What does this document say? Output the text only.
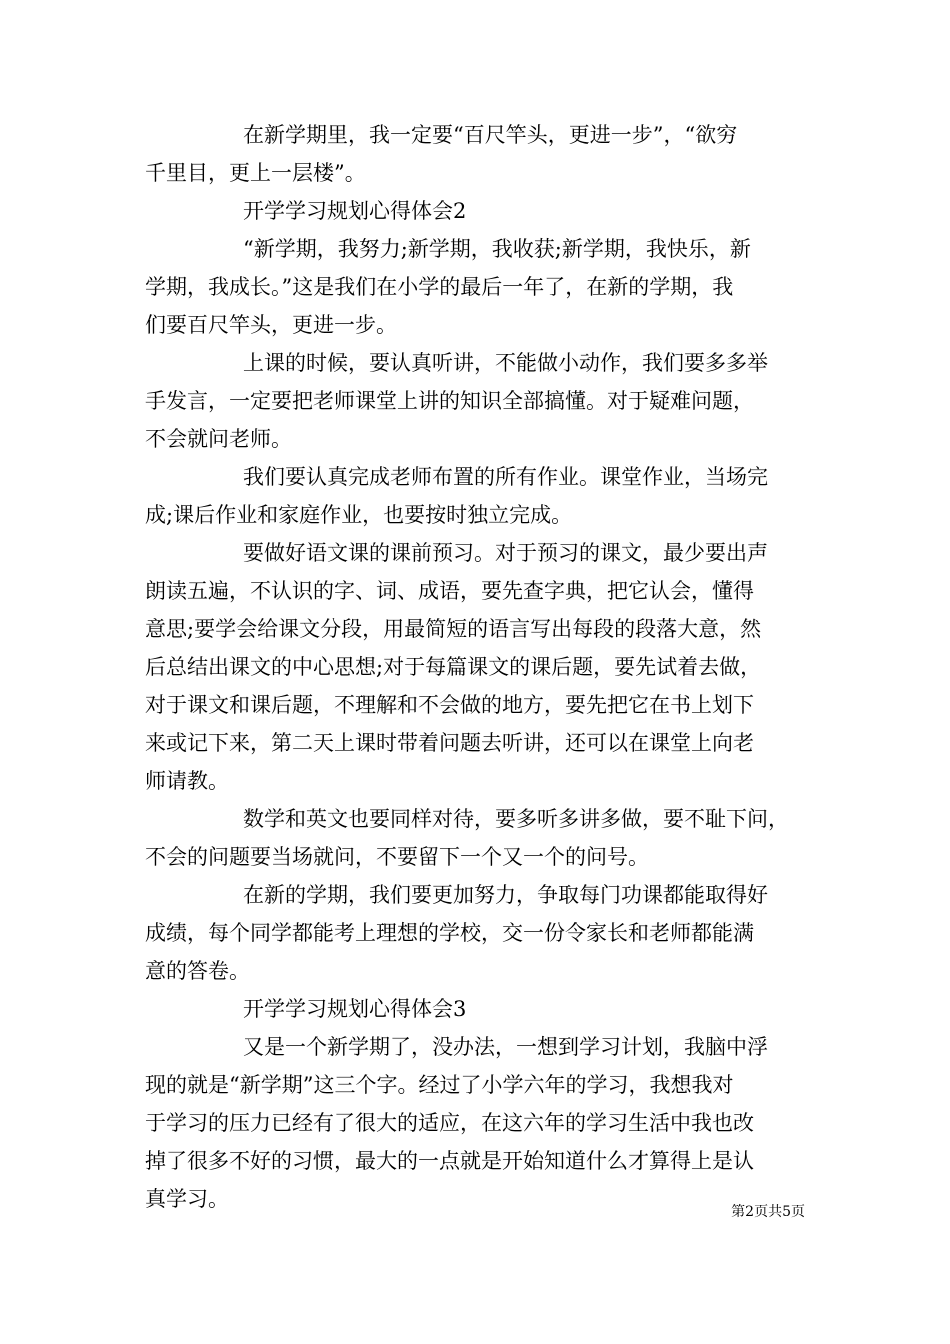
在新学期里，我一定要“百尺竿头，更进一步”，“欲穷
千里目，更上一层楼”。
开学学习规划心得体会2
“新学期，我努力;新学期，我收获;新学期，我快乐，新
学期，我成长。”这是我们在小学的最后一年了，在新的学期，我
们要百尺竿头，更进一步。
上课的时候，要认真听讲，不能做小动作，我们要多多举
手发言，一定要把老师课堂上讲的知识全部搞懂。对于疑难问题，
不会就问老师。
我们要认真完成老师布置的所有作业。课堂作业，当场完
成;课后作业和家庭作业，也要按时独立完成。
要做好语文课的课前预习。对于预习的课文，最少要出声
朗读五遍，不认识的字、词、成语，要先查字典，把它认会，懂得
意思;要学会给课文分段，用最简短的语言写出每段的段落大意，然
后总结出课文的中心思想;对于每篇课文的课后题，要先试着去做，
对于课文和课后题，不理解和不会做的地方，要先把它在书上划下
来或记下来，第二天上课时带着问题去听讲，还可以在课堂上向老
师请教。
数学和英文也要同样对待，要多听多讲多做，要不耻下问，
不会的问题要当场就问，不要留下一个又一个的问号。
在新的学期，我们要更加努力，争取每门功课都能取得好
成绩，每个同学都能考上理想的学校，交一份令家长和老师都能满
意的答卷。
开学学习规划心得体会3
又是一个新学期了，没办法，一想到学习计划，我脑中浮
现的就是“新学期”这三个字。经过了小学六年的学习，我想我对
于学习的压力已经有了很大的适应，在这六年的学习生活中我也改
掉了很多不好的习惯，最大的一点就是开始知道什么才算得上是认
真学习。
第2页共5页
